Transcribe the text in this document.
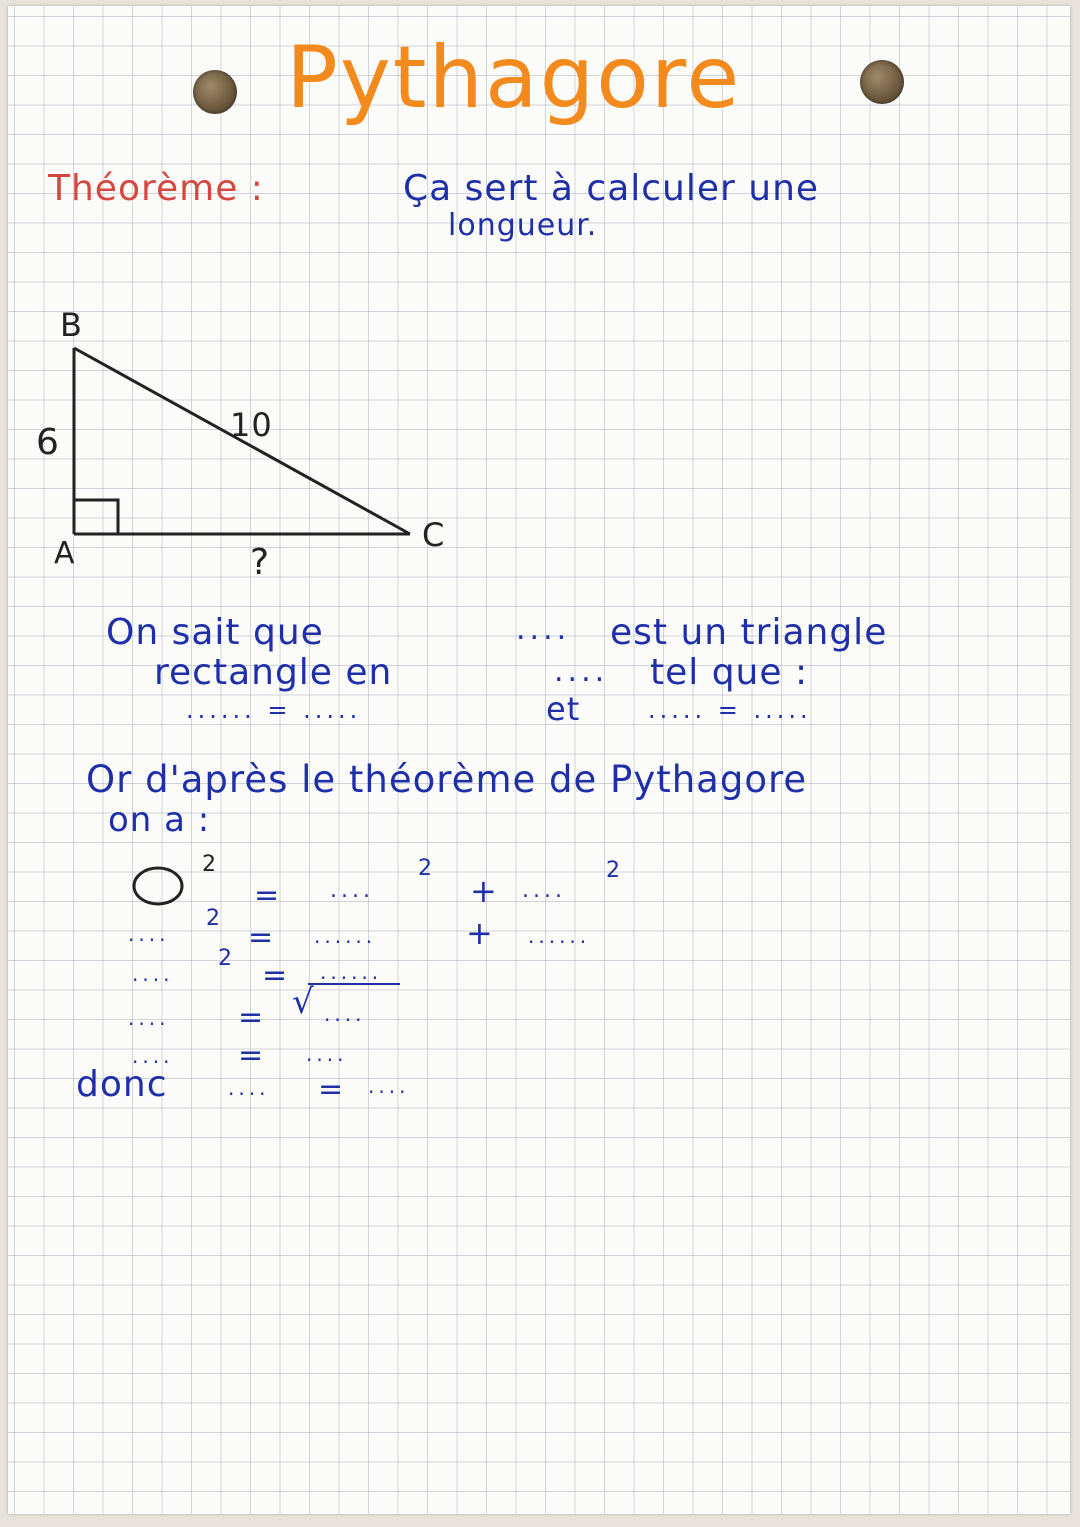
Pythagore
Théorème :	Ça sert à calculer une
longueur.
B
A	C
6	10
?
On sait que	.... est un triangle
rectangle en	.... tel que :
...... = .....	et	..... = .....
Or d'après le théorème de Pythagore
on a :
2
= ....
2
+ ....
2
....
2
= ......	+ ......
....
2 = ......
.... = √ ....
.... = ....
donc	.... = ....
